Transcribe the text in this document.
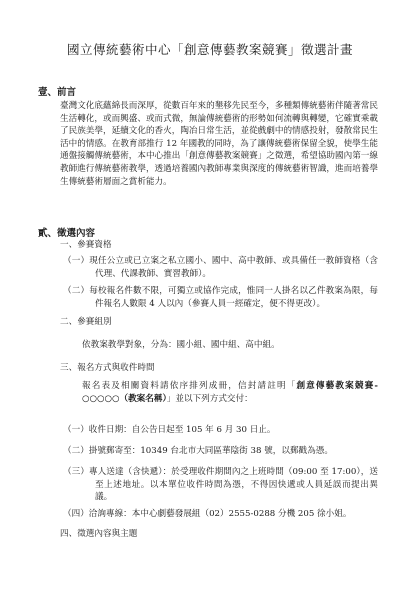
國立傳統藝術中心「創意傳藝教案競賽」徵選計畫
壹、前言

臺灣文化底蘊綿長而深厚，從數百年來的墾移先民至今，多種類傳統藝術伴隨著常民生活轉化，或而興盛、或而式微，無論傳統藝術的形勢如何流轉與轉變，它確實乘載了民族美學，延續文化的香火，陶冶日常生活，並從戲劇中的情感投射，發散常民生活中的情感。在教育部推行 12 年國教的同時，為了讓傳統藝術保留全貌，使學生能通盤接觸傳統藝術，本中心推出「創意傳藝教案競賽」之徵選，希望協助國內第一線教師進行傳統藝術教學，透過培養國內教師專業與深度的傳統藝術智識，進而培養學生傳統藝術層面之賞析能力。

貳、徵選內容
一、參賽資格

（一）現任公立或已立案之私立國小、國中、高中教師、或具備任一教師資格（含代理、代課教師、實習教師）。

（二）每校報名件數不限，可獨立或協作完成，惟同一人掛名以乙件教案為限，每件報名人數限 4 人以內（參賽人員一經確定，便不得更改）。

二、參賽組別
依教案教學對象，分為：國小組、國中組、高中組。
三、報名方式與收件時間

報名表及相關資料請依序排列成冊，信封請註明「創意傳藝教案競賽-○○○○○（教案名稱）」並以下列方式交付：

（一）收件日期：自公告日起至 105 年 6 月 30 日止。
（二）掛號郵寄至：10349 台北市大同區華陰街 38 號，以郵戳為憑。

（三）專人送達（含快遞）：於受理收件期間內之上班時間（09:00 至 17:00），送至上述地址。以本單位收件時間為憑，不得因快遞或人員延誤而提出異議。

（四）洽詢專線：本中心劇藝發展組（02）2555-0288 分機 205 徐小姐。
四、徵選內容與主題
